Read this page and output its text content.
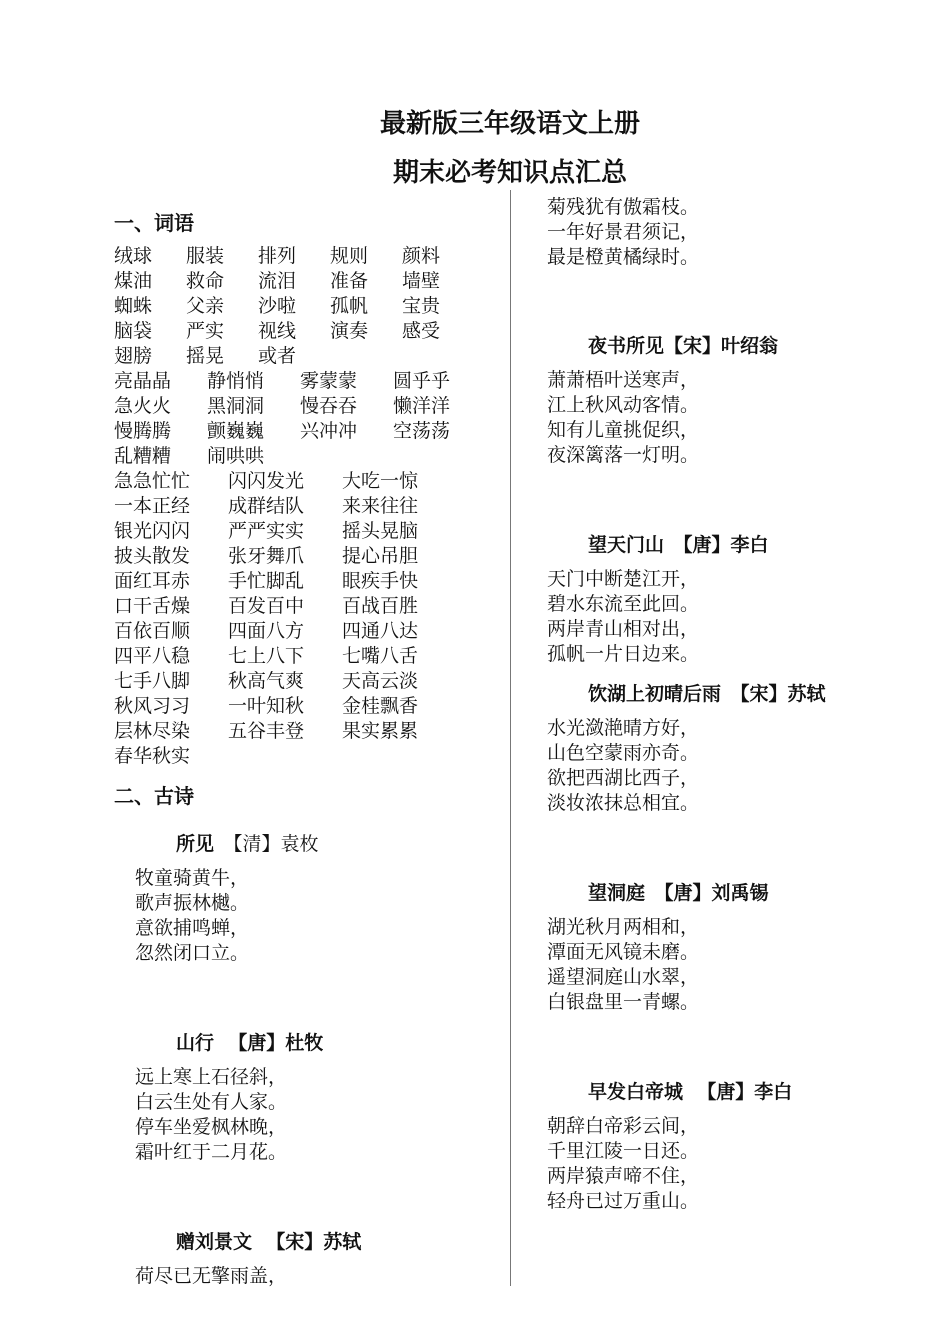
最新版三年级语文上册
期末必考知识点汇总
一、词语
绒球 服装 排列 规则 颜料
煤油 救命 流泪 准备 墙壁
蜘蛛 父亲 沙啦 孤帆 宝贵
脑袋 严实 视线 演奏 感受
翅膀 摇晃 或者
亮晶晶 静悄悄 雾蒙蒙 圆乎乎
急火火 黑洞洞 慢吞吞 懒洋洋
慢腾腾 颤巍巍 兴冲冲 空荡荡
乱糟糟 闹哄哄
急急忙忙 闪闪发光 大吃一惊
一本正经 成群结队 来来往往
银光闪闪 严严实实 摇头晃脑
披头散发 张牙舞爪 提心吊胆
面红耳赤 手忙脚乱 眼疾手快
口干舌燥 百发百中 百战百胜
百依百顺 四面八方 四通八达
四平八稳 七上八下 七嘴八舌
七手八脚 秋高气爽 天高云淡
秋风习习 一叶知秋 金桂飘香
层林尽染 五谷丰登 果实累累
春华秋实
二、古诗
所见 【清】袁枚
牧童骑黄牛，
歌声振林樾。
意欲捕鸣蝉，
忽然闭口立。
山行 【唐】杜牧
远上寒上石径斜，
白云生处有人家。
停车坐爱枫林晚，
霜叶红于二月花。
赠刘景文 【宋】苏轼
荷尽已无擎雨盖，
菊残犹有傲霜枝。
一年好景君须记，
最是橙黄橘绿时。
夜书所见【宋】叶绍翁
萧萧梧叶送寒声，
江上秋风动客情。
知有儿童挑促织，
夜深篱落一灯明。
望天门山 【唐】李白
天门中断楚江开，
碧水东流至此回。
两岸青山相对出，
孤帆一片日边来。
饮湖上初晴后雨 【宋】苏轼
水光潋滟晴方好，
山色空蒙雨亦奇。
欲把西湖比西子，
淡妆浓抹总相宜。
望洞庭 【唐】刘禹锡
湖光秋月两相和，
潭面无风镜未磨。
遥望洞庭山水翠，
白银盘里一青螺。
早发白帝城 【唐】李白
朝辞白帝彩云间，
千里江陵一日还。
两岸猿声啼不住，
轻舟已过万重山。
